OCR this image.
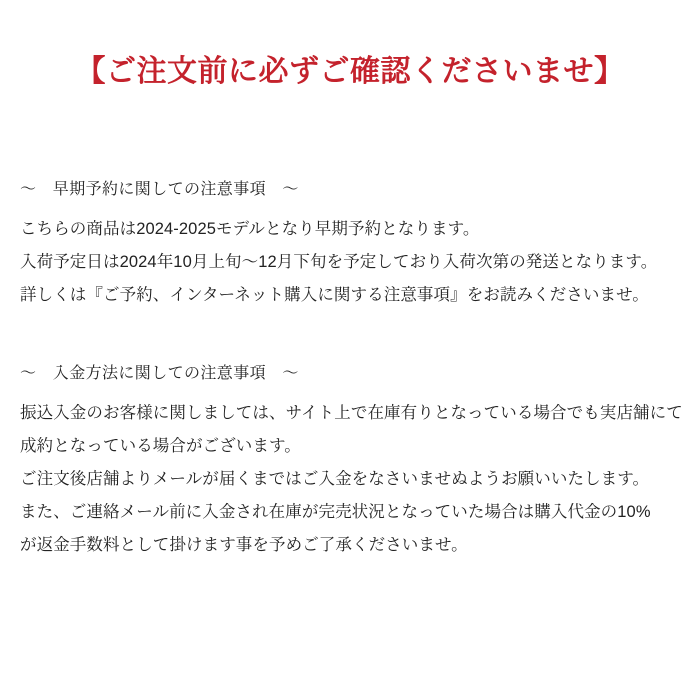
【ご注文前に必ずご確認くださいませ】
〜　早期予約に関しての注意事項　〜
こちらの商品は2024-2025モデルとなり早期予約となります。
入荷予定日は2024年10月上旬〜12月下旬を予定しており入荷次第の発送となります。
詳しくは『ご予約、インターネット購入に関する注意事項』をお読みくださいませ。
〜　入金方法に関しての注意事項　〜
振込入金のお客様に関しましては、サイト上で在庫有りとなっている場合でも実店舗にて
成約となっている場合がございます。
ご注文後店舗よりメールが届くまではご入金をなさいませぬようお願いいたします。
また、ご連絡メール前に入金され在庫が完売状況となっていた場合は購入代金の10%
が返金手数料として掛けます事を予めご了承くださいませ。
